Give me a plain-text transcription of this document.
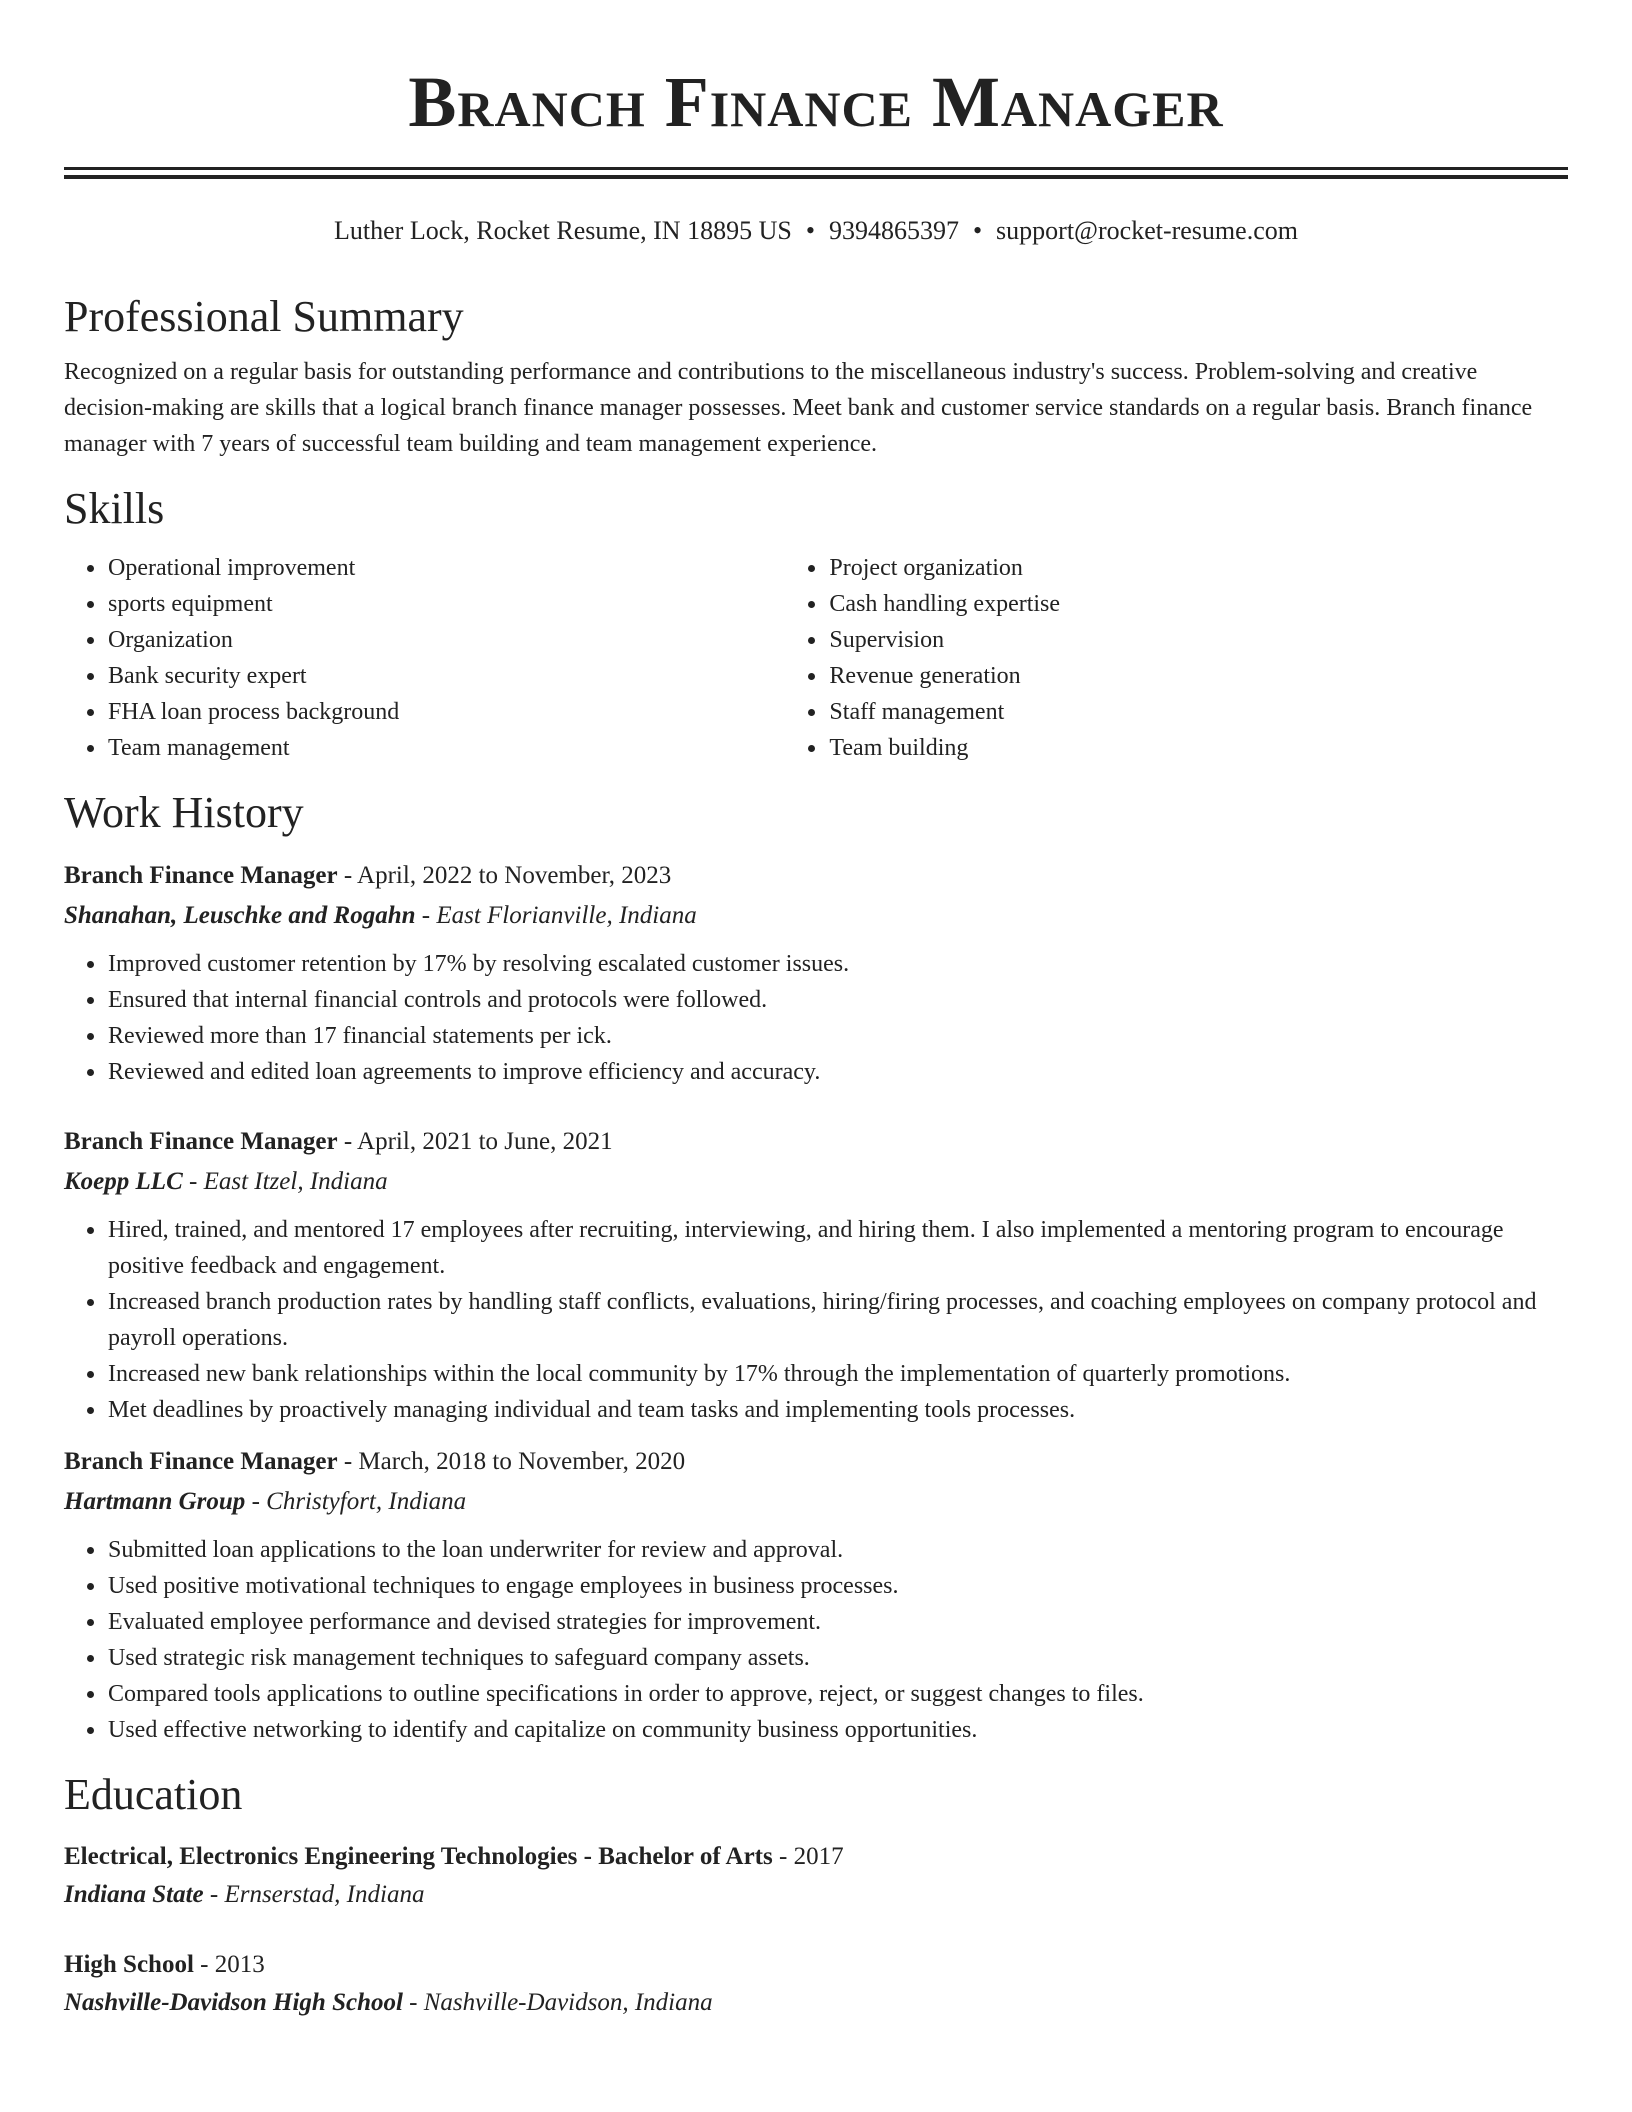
Branch Finance Manager
Luther Lock, Rocket Resume, IN 18895 US • 9394865397 • support@rocket-resume.com
Professional Summary

Recognized on a regular basis for outstanding performance and contributions to the miscellaneous industry's success. Problem-solving and creative decision-making are skills that a logical branch finance manager possesses. Meet bank and customer service standards on a regular basis. Branch finance manager with 7 years of successful team building and team management experience.

Skills
• Operational improvement
• sports equipment
• Organization
• Bank security expert
• FHA loan process background
• Team management
• Project organization
• Cash handling expertise
• Supervision
• Revenue generation
• Staff management
• Team building
Work History
Branch Finance Manager - April, 2022 to November, 2023
Shanahan, Leuschke and Rogahn - East Florianville, Indiana
• Improved customer retention by 17% by resolving escalated customer issues.
• Ensured that internal financial controls and protocols were followed.
• Reviewed more than 17 financial statements per ick.
• Reviewed and edited loan agreements to improve efficiency and accuracy.
Branch Finance Manager - April, 2021 to June, 2021
Koepp LLC - East Itzel, Indiana
• Hired, trained, and mentored 17 employees after recruiting, interviewing, and hiring them. I also implemented a mentoring program to encourage positive feedback and engagement.
• Increased branch production rates by handling staff conflicts, evaluations, hiring/firing processes, and coaching employees on company protocol and payroll operations.
• Increased new bank relationships within the local community by 17% through the implementation of quarterly promotions.
• Met deadlines by proactively managing individual and team tasks and implementing tools processes.
Branch Finance Manager - March, 2018 to November, 2020
Hartmann Group - Christyfort, Indiana
• Submitted loan applications to the loan underwriter for review and approval.
• Used positive motivational techniques to engage employees in business processes.
• Evaluated employee performance and devised strategies for improvement.
• Used strategic risk management techniques to safeguard company assets.
• Compared tools applications to outline specifications in order to approve, reject, or suggest changes to files.
• Used effective networking to identify and capitalize on community business opportunities.
Education
Electrical, Electronics Engineering Technologies - Bachelor of Arts - 2017
Indiana State - Ernserstad, Indiana
High School - 2013
Nashville-Davidson High School - Nashville-Davidson, Indiana
